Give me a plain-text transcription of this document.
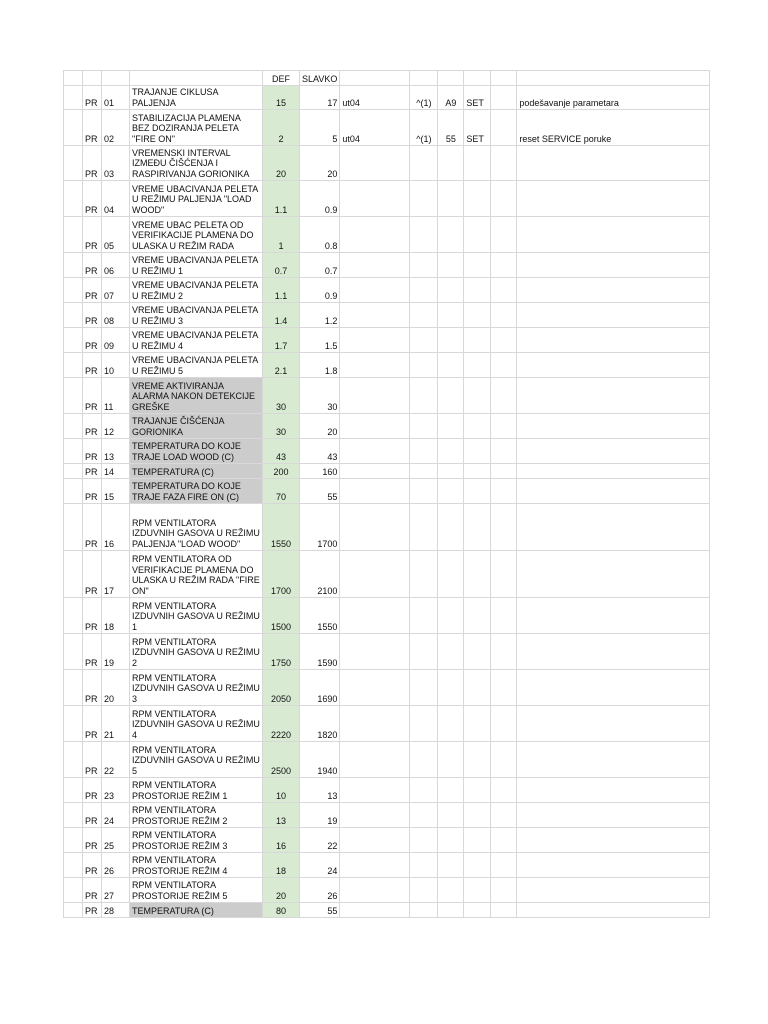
				DEF	SLAVKO						
	PR	01	TRAJANJE CIKLUSA PALJENJA	15	17	ut04	^(1)	A9	SET		podešavanje parametara
	PR	02	STABILIZACIJA PLAMENA BEZ DOZIRANJA PELETA "FIRE ON"	2	5	ut04	^(1)	55	SET		reset SERVICE poruke
	PR	03	VREMENSKI INTERVAL IZMEĐU ČIŠĆENJA I RASPIRIVANJA GORIONIKA	20	20						
	PR	04	VREME UBACIVANJA PELETA U REŽIMU PALJENJA "LOAD WOOD"	1.1	0.9						
	PR	05	VREME UBAC PELETA OD VERIFIKACIJE PLAMENA DO ULASKA U REŽIM RADA	1	0.8						
	PR	06	VREME UBACIVANJA PELETA U REŽIMU 1	0.7	0.7						
	PR	07	VREME UBACIVANJA PELETA U REŽIMU 2	1.1	0.9						
	PR	08	VREME UBACIVANJA PELETA U REŽIMU 3	1.4	1.2						
	PR	09	VREME UBACIVANJA PELETA U REŽIMU 4	1.7	1.5						
	PR	10	VREME UBACIVANJA PELETA U REŽIMU 5	2.1	1.8						
	PR	11	VREME AKTIVIRANJA ALARMA NAKON DETEKCIJE GREŠKE	30	30						
	PR	12	TRAJANJE ČIŠĆENJA GORIONIKA	30	20						
	PR	13	TEMPERATURA DO KOJE TRAJE LOAD WOOD (C)	43	43						
	PR	14	TEMPERATURA (C)	200	160						
	PR	15	TEMPERATURA DO KOJE TRAJE FAZA FIRE ON (C)	70	55						
	PR	16	RPM VENTILATORA IZDUVNIH GASOVA U REŽIMU PALJENJA "LOAD WOOD"	1550	1700						
	PR	17	RPM VENTILATORA OD VERIFIKACIJE PLAMENA DO ULASKA U REŽIM RADA "FIRE ON"	1700	2100						
	PR	18	RPM VENTILATORA IZDUVNIH GASOVA U REŽIMU 1	1500	1550						
	PR	19	RPM VENTILATORA IZDUVNIH GASOVA U REŽIMU 2	1750	1590						
	PR	20	RPM VENTILATORA IZDUVNIH GASOVA U REŽIMU 3	2050	1690						
	PR	21	RPM VENTILATORA IZDUVNIH GASOVA U REŽIMU 4	2220	1820						
	PR	22	RPM VENTILATORA IZDUVNIH GASOVA U REŽIMU 5	2500	1940						
	PR	23	RPM VENTILATORA PROSTORIJE REŽIM 1	10	13						
	PR	24	RPM VENTILATORA PROSTORIJE REŽIM 2	13	19						
	PR	25	RPM VENTILATORA PROSTORIJE REŽIM 3	16	22						
	PR	26	RPM VENTILATORA PROSTORIJE REŽIM 4	18	24						
	PR	27	RPM VENTILATORA PROSTORIJE REŽIM 5	20	26						
	PR	28	TEMPERATURA (C)	80	55						
